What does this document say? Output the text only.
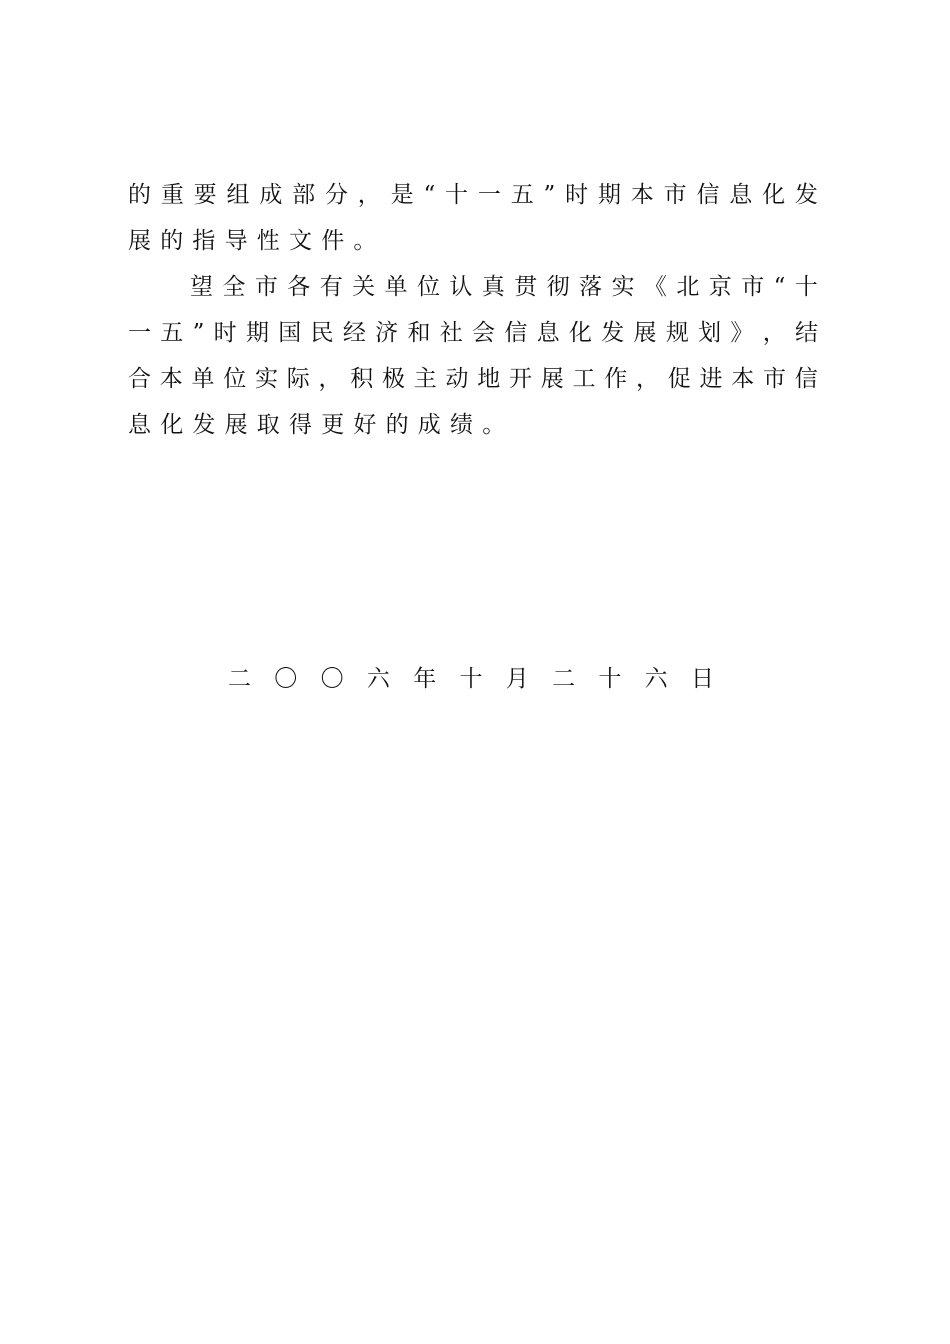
的 重 要 组 成 部 分 ， 是 “ 十 一 五 ” 时 期 本 市 信 息 化 发
展的指导性文件。
望 全 市 各 有 关 单 位 认 真 贯 彻 落 实 《 北 京 市 “ 十
一 五 ” 时 期 国 民 经 济 和 社 会 信 息 化 发 展 规 划 》 ， 结
合 本 单 位 实 际 ， 积 极 主 动 地 开 展 工 作 ， 促 进 本 市 信
息化发展取得更好的成绩。
二 〇 〇 六 年 十 月 二 十 六 日
